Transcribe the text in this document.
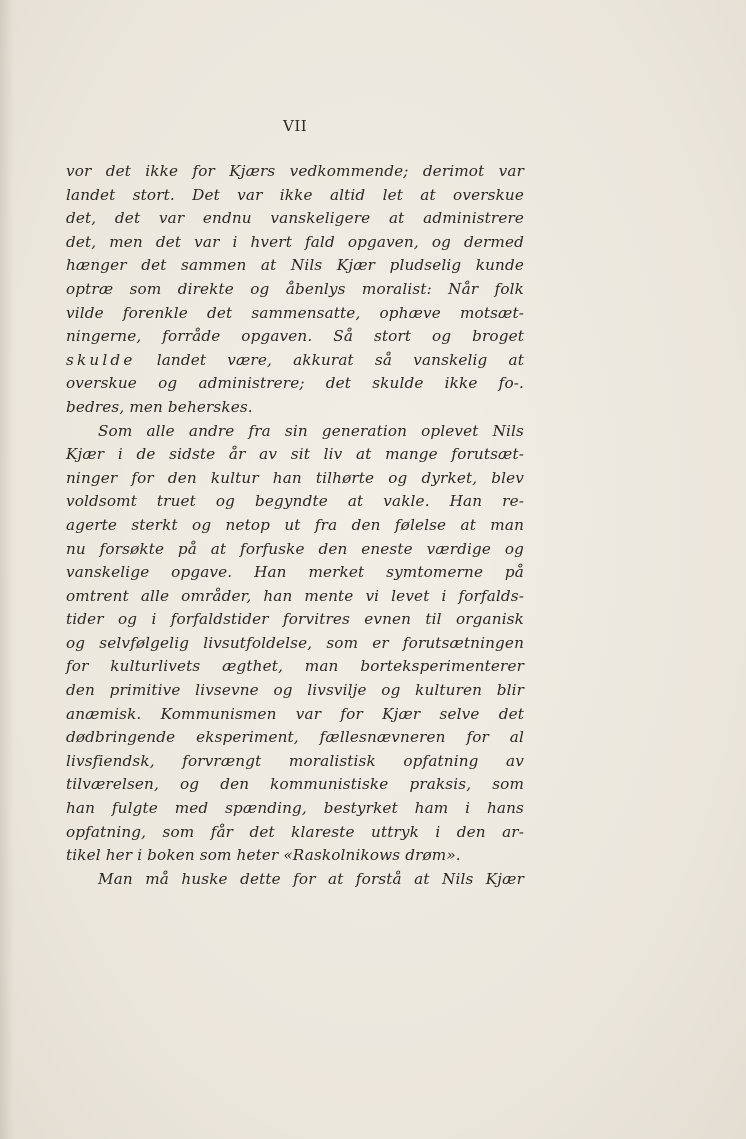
VII
vor det ikke for Kjærs vedkommende; derimot var
landet stort. Det var ikke altid let at overskue
det, det var endnu vanskeligere at administrere
det, men det var i hvert fald opgaven, og dermed
hænger det sammen at Nils Kjær pludselig kunde
optræ som direkte og åbenlys moralist: Når folk
vilde forenkle det sammensatte, ophæve motsæt-
ningerne, forråde opgaven. Så stort og broget
skulde landet være, akkurat så vanskelig at
overskue og administrere; det skulde ikke fo-.
bedres, men beherskes.
Som alle andre fra sin generation oplevet Nils
Kjær i de sidste år av sit liv at mange forutsæt-
ninger for den kultur han tilhørte og dyrket, blev
voldsomt truet og begyndte at vakle. Han re-
agerte sterkt og netop ut fra den følelse at man
nu forsøkte på at forfuske den eneste værdige og
vanskelige opgave. Han merket symtomerne på
omtrent alle områder, han mente vi levet i forfalds-
tider og i forfaldstider forvitres evnen til organisk
og selvfølgelig livsutfoldelse, som er forutsætningen
for kulturlivets ægthet, man borteksperimenterer
den primitive livsevne og livsvilje og kulturen blir
anæmisk. Kommunismen var for Kjær selve det
dødbringende eksperiment, fællesnævneren for al
livsfiendsk, forvrængt moralistisk opfatning av
tilværelsen, og den kommunistiske praksis, som
han fulgte med spænding, bestyrket ham i hans
opfatning, som får det klareste uttryk i den ar-
tikel her i boken som heter «Raskolnikows drøm».
Man må huske dette for at forstå at Nils Kjær
